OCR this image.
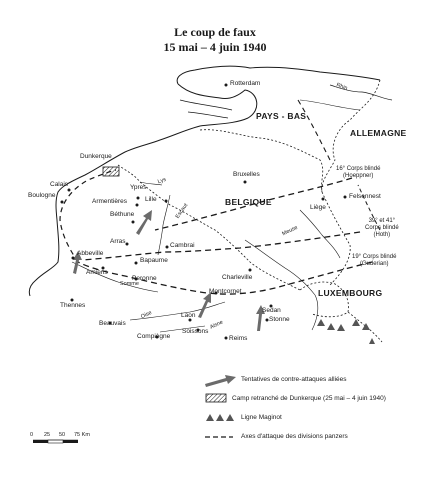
Le coup de faux
15 mai – 4 juin 1940
PAYS - BAS
ALLEMAGNE
BELGIQUE
LUXEMBOURG
Rotterdam
Dunkerque
Calais
Boulogne
Ypres
Armentières	Lille
Béthune
Arras
Cambrai
Bruxelles
Liège
Felsennest
Abbeville
Amiens
Bapaume
Peronne
Thennes
Beauvais
Compiègne
Laon
Soissons
Reims
Charleville
Montcornet
Sedan
Stonne
Rhin
Lys
Escaut
Meuse
Somme
Oise
Aisne
16° Corps blindé
(Hoeppner)
39° et 41°
Corps blindé
(Hoth)
19° Corps blindé
(Guderian)
Tentatives de contre-attaques alliées
Camp retranché de Dunkerque (25 mai – 4 juin 1940)
Ligne Maginot
Axes d'attaque des divisions panzers
0 25 50 75 Km
